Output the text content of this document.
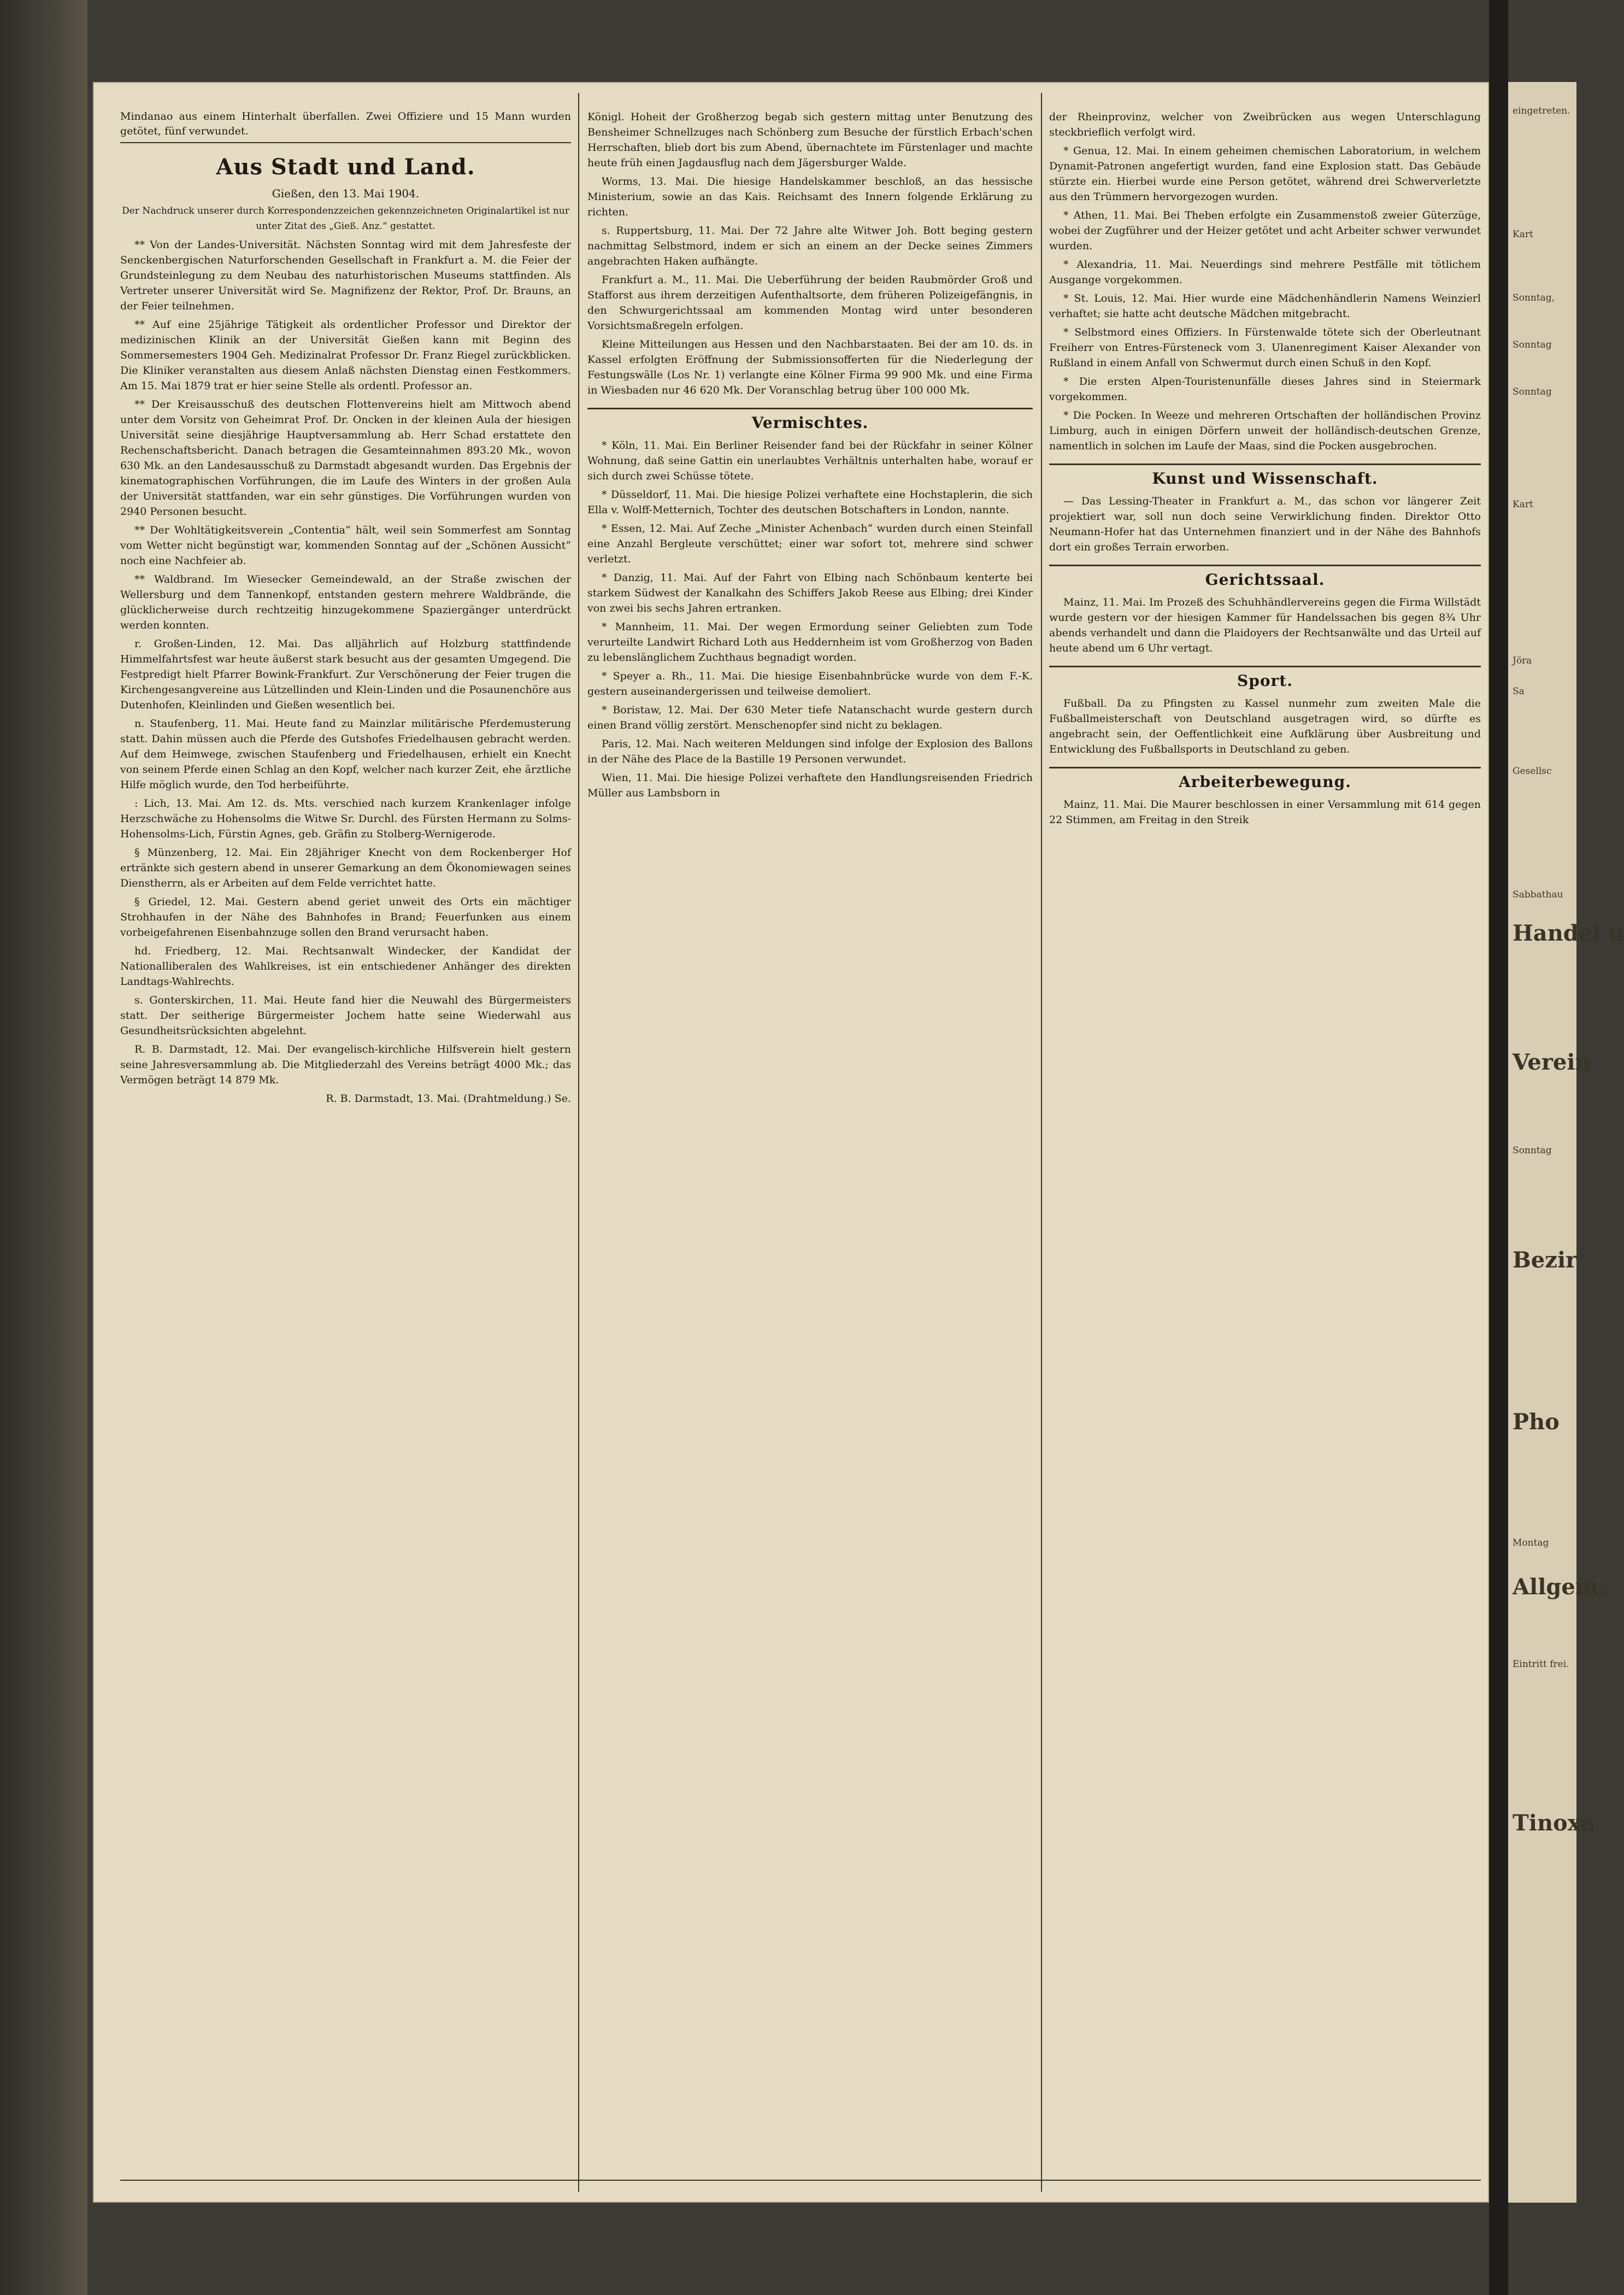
Mindanao aus einem Hinterhalt überfallen. Zwei Offiziere und 15 Mann wurden getötet, fünf verwundet.
Aus Stadt und Land.
Gießen, den 13. Mai 1904.
Der Nachdruck unserer durch Korrespondenzzeichen gekennzeichneten Originalartikel ist nur unter Zitat des „Gieß. Anz.“ gestattet.

** Von der Landes-Universität. Nächsten Sonntag wird mit dem Jahresfeste der Senckenbergischen Naturforschenden Gesellschaft in Frankfurt a. M. die Feier der Grundsteinlegung zu dem Neubau des naturhistorischen Museums stattfinden. Als Vertreter unserer Universität wird Se. Magnifizenz der Rektor, Prof. Dr. Brauns, an der Feier teilnehmen.

** Auf eine 25jährige Tätigkeit als ordentlicher Professor und Direktor der medizinischen Klinik an der Universität Gießen kann mit Beginn des Sommersemesters 1904 Geh. Medizinalrat Professor Dr. Franz Riegel zurückblicken. Die Kliniker veranstalten aus diesem Anlaß nächsten Dienstag einen Festkommers. Am 15. Mai 1879 trat er hier seine Stelle als ordentl. Professor an.

** Der Kreisausschuß des deutschen Flottenvereins hielt am Mittwoch abend unter dem Vorsitz von Geheimrat Prof. Dr. Oncken in der kleinen Aula der hiesigen Universität seine diesjährige Hauptversammlung ab. Herr Schad erstattete den Rechenschaftsbericht. Danach betragen die Gesamteinnahmen 893.20 Mk., wovon 630 Mk. an den Landesausschuß zu Darmstadt abgesandt wurden. Das Ergebnis der kinematographischen Vorführungen, die im Laufe des Winters in der großen Aula der Universität stattfanden, war ein sehr günstiges. Die Vorführungen wurden von 2940 Personen besucht.

** Der Wohltätigkeitsverein „Contentia“ hält, weil sein Sommerfest am Sonntag vom Wetter nicht begünstigt war, kommenden Sonntag auf der „Schönen Aussicht“ noch eine Nachfeier ab.

** Waldbrand. Im Wiesecker Gemeindewald, an der Straße zwischen der Wellersburg und dem Tannenkopf, entstanden gestern mehrere Waldbrände, die glücklicherweise durch rechtzeitig hinzugekommene Spaziergänger unterdrückt werden konnten.

r. Großen-Linden, 12. Mai. Das alljährlich auf Holzburg stattfindende Himmelfahrtsfest war heute äußerst stark besucht aus der gesamten Umgegend. Die Festpredigt hielt Pfarrer Bowink-Frankfurt. Zur Verschönerung der Feier trugen die Kirchengesangvereine aus Lützellinden und Klein-Linden und die Posaunenchöre aus Dutenhofen, Kleinlinden und Gießen wesentlich bei.

n. Staufenberg, 11. Mai. Heute fand zu Mainzlar militärische Pferdemusterung statt. Dahin müssen auch die Pferde des Gutshofes Friedelhausen gebracht werden. Auf dem Heimwege, zwischen Staufenberg und Friedelhausen, erhielt ein Knecht von seinem Pferde einen Schlag an den Kopf, welcher nach kurzer Zeit, ehe ärztliche Hilfe möglich wurde, den Tod herbeiführte.

: Lich, 13. Mai. Am 12. ds. Mts. verschied nach kurzem Krankenlager infolge Herzschwäche zu Hohensolms die Witwe Sr. Durchl. des Fürsten Hermann zu Solms-Hohensolms-Lich, Fürstin Agnes, geb. Gräfin zu Stolberg-Wernigerode.

§ Münzenberg, 12. Mai. Ein 28jähriger Knecht von dem Rockenberger Hof ertränkte sich gestern abend in unserer Gemarkung an dem Ökonomiewagen seines Dienstherrn, als er Arbeiten auf dem Felde verrichtet hatte.

§ Griedel, 12. Mai. Gestern abend geriet unweit des Orts ein mächtiger Strohhaufen in der Nähe des Bahnhofes in Brand; Feuerfunken aus einem vorbeigefahrenen Eisenbahnzuge sollen den Brand verursacht haben.

hd. Friedberg, 12. Mai. Rechtsanwalt Windecker, der Kandidat der Nationalliberalen des Wahlkreises, ist ein entschiedener Anhänger des direkten Landtags-Wahlrechts.

s. Gonterskirchen, 11. Mai. Heute fand hier die Neuwahl des Bürgermeisters statt. Der seitherige Bürgermeister Jochem hatte seine Wiederwahl aus Gesundheitsrücksichten abgelehnt.

R. B. Darmstadt, 12. Mai. Der evangelisch-kirchliche Hilfsverein hielt gestern seine Jahresversammlung ab. Die Mitgliederzahl des Vereins beträgt 4000 Mk.; das Vermögen beträgt 14 879 Mk.

R. B. Darmstadt, 13. Mai. (Drahtmeldung.) Se.

Königl. Hoheit der Großherzog begab sich gestern mittag unter Benutzung des Bensheimer Schnellzuges nach Schönberg zum Besuche der fürstlich Erbach'schen Herrschaften, blieb dort bis zum Abend, übernachtete im Fürstenlager und machte heute früh einen Jagdausflug nach dem Jägersburger Walde.

Worms, 13. Mai. Die hiesige Handelskammer beschloß, an das hessische Ministerium, sowie an das Kais. Reichsamt des Innern folgende Erklärung zu richten.

s. Ruppertsburg, 11. Mai. Der 72 Jahre alte Witwer Joh. Bott beging gestern nachmittag Selbstmord, indem er sich an einem an der Decke seines Zimmers angebrachten Haken aufhängte.

Frankfurt a. M., 11. Mai. Die Ueberführung der beiden Raubmörder Groß und Stafforst aus ihrem derzeitigen Aufenthaltsorte, dem früheren Polizeigefängnis, in den Schwurgerichtssaal am kommenden Montag wird unter besonderen Vorsichtsmaßregeln erfolgen.

Kleine Mitteilungen aus Hessen und den Nachbarstaaten. Bei der am 10. ds. in Kassel erfolgten Eröffnung der Submissionsofferten für die Niederlegung der Festungswälle (Los Nr. 1) verlangte eine Kölner Firma 99 900 Mk. und eine Firma in Wiesbaden nur 46 620 Mk. Der Voranschlag betrug über 100 000 Mk.

Vermischtes.

* Köln, 11. Mai. Ein Berliner Reisender fand bei der Rückfahr in seiner Kölner Wohnung, daß seine Gattin ein unerlaubtes Verhältnis unterhalten habe, worauf er sich durch zwei Schüsse tötete.

* Düsseldorf, 11. Mai. Die hiesige Polizei verhaftete eine Hochstaplerin, die sich Ella v. Wolff-Metternich, Tochter des deutschen Botschafters in London, nannte.

* Essen, 12. Mai. Auf Zeche „Minister Achenbach“ wurden durch einen Steinfall eine Anzahl Bergleute verschüttet; einer war sofort tot, mehrere sind schwer verletzt.

* Danzig, 11. Mai. Auf der Fahrt von Elbing nach Schönbaum kenterte bei starkem Südwest der Kanalkahn des Schiffers Jakob Reese aus Elbing; drei Kinder von zwei bis sechs Jahren ertranken.

* Mannheim, 11. Mai. Der wegen Ermordung seiner Geliebten zum Tode verurteilte Landwirt Richard Loth aus Heddernheim ist vom Großherzog von Baden zu lebenslänglichem Zuchthaus begnadigt worden.

* Speyer a. Rh., 11. Mai. Die hiesige Eisenbahnbrücke wurde von dem F.-K. gestern auseinandergerissen und teilweise demoliert.

* Boristaw, 12. Mai. Der 630 Meter tiefe Natanschacht wurde gestern durch einen Brand völlig zerstört. Menschenopfer sind nicht zu beklagen.

Paris, 12. Mai. Nach weiteren Meldungen sind infolge der Explosion des Ballons in der Nähe des Place de la Bastille 19 Personen verwundet.

Wien, 11. Mai. Die hiesige Polizei verhaftete den Handlungsreisenden Friedrich Müller aus Lambsborn in

der Rheinprovinz, welcher von Zweibrücken aus wegen Unterschlagung steckbrieflich verfolgt wird.

* Genua, 12. Mai. In einem geheimen chemischen Laboratorium, in welchem Dynamit-Patronen angefertigt wurden, fand eine Explosion statt. Das Gebäude stürzte ein. Hierbei wurde eine Person getötet, während drei Schwerverletzte aus den Trümmern hervorgezogen wurden.

* Athen, 11. Mai. Bei Theben erfolgte ein Zusammenstoß zweier Güterzüge, wobei der Zugführer und der Heizer getötet und acht Arbeiter schwer verwundet wurden.

* Alexandria, 11. Mai. Neuerdings sind mehrere Pestfälle mit tötlichem Ausgange vorgekommen.

* St. Louis, 12. Mai. Hier wurde eine Mädchenhändlerin Namens Weinzierl verhaftet; sie hatte acht deutsche Mädchen mitgebracht.

* Selbstmord eines Offiziers. In Fürstenwalde tötete sich der Oberleutnant Freiherr von Entres-Fürsteneck vom 3. Ulanenregiment Kaiser Alexander von Rußland in einem Anfall von Schwermut durch einen Schuß in den Kopf.

* Die ersten Alpen-Touristenunfälle dieses Jahres sind in Steiermark vorgekommen.

* Die Pocken. In Weeze und mehreren Ortschaften der holländischen Provinz Limburg, auch in einigen Dörfern unweit der holländisch-deutschen Grenze, namentlich in solchen im Laufe der Maas, sind die Pocken ausgebrochen.

Kunst und Wissenschaft.

— Das Lessing-Theater in Frankfurt a. M., das schon vor längerer Zeit projektiert war, soll nun doch seine Verwirklichung finden. Direktor Otto Neumann-Hofer hat das Unternehmen finanziert und in der Nähe des Bahnhofs dort ein großes Terrain erworben.

Gerichtssaal.

Mainz, 11. Mai. Im Prozeß des Schuhhändlervereins gegen die Firma Willstädt wurde gestern vor der hiesigen Kammer für Handelssachen bis gegen 8¾ Uhr abends verhandelt und dann die Plaidoyers der Rechtsanwälte und das Urteil auf heute abend um 6 Uhr vertagt.

Sport.

Fußball. Da zu Pfingsten zu Kassel nunmehr zum zweiten Male die Fußballmeisterschaft von Deutschland ausgetragen wird, so dürfte es angebracht sein, der Oeffentlichkeit eine Aufklärung über Ausbreitung und Entwicklung des Fußballsports in Deutschland zu geben.

Arbeiterbewegung.

Mainz, 11. Mai. Die Maurer beschlossen in einer Versammlung mit 614 gegen 22 Stimmen, am Freitag in den Streik

eingetreten.
Kart
Sonntag,
Sonntag
Sonntag
Kart
Jöra
Sa
Gesellsc
Sabbathau
Handel u
Verein
Sonntag
Bezir
Pho
Montag
Allgem.
Eintritt frei.
Tinoxa
